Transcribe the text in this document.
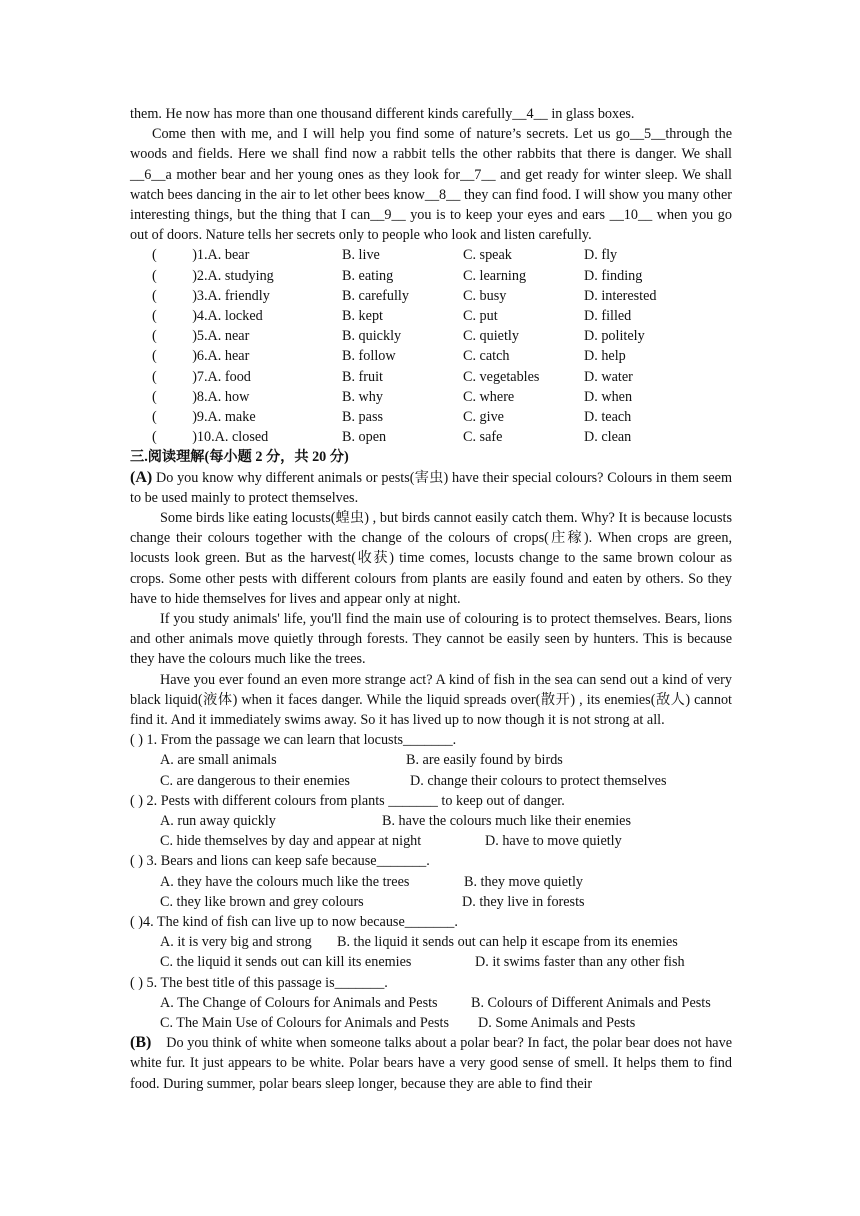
them. He now has more than one thousand different kinds carefully__4__ in glass boxes.

Come then with me, and I will help you find some of nature’s secrets. Let us go__5__through the woods and fields. Here we shall find now a rabbit tells the other rabbits that there is danger. We shall __6__a mother bear and her young ones as they look for__7__ and get ready for winter sleep. We shall watch bees dancing in the air to let other bees know__8__ they can find food. I will show you many other interesting things, but the thing that I can__9__ you is to keep your eyes and ears __10__ when you go out of doors. Nature tells her secrets only to people who look and listen carefully.

(          )1.A. bear	B. live	C. speak	D. fly
(          )2.A. studying	B. eating	C. learning	D. finding
(          )3.A. friendly	B. carefully	C. busy	D. interested
(          )4.A. locked	B. kept	C. put	D. filled
(          )5.A. near	B. quickly	C. quietly	D. politely
(          )6.A. hear	B. follow	C. catch	D. help
(          )7.A. food	B. fruit	C. vegetables	D. water
(          )8.A. how	B. why	C. where	D. when
(          )9.A. make	B. pass	C. give	D. teach
(          )10.A. closed	B. open	C. safe	D. clean

三.阅读理解(每小题 2 分，共 20 分)

(A) Do you know why different animals or pests(害虫) have their special colours? Colours in them seem to be used mainly to protect themselves.

Some birds like eating locusts(蝗虫) , but birds cannot easily catch them. Why? It is because locusts change their colours together with the change of the colours of crops(庄稼). When crops are green, locusts look green. But as the harvest(收获) time comes, locusts change to the same brown colour as crops. Some other pests with different colours from plants are easily found and eaten by others. So they have to hide themselves for lives and appear only at night.

If you study animals' life, you'll find the main use of colouring is to protect themselves. Bears, lions and other animals move quietly through forests. They cannot be easily seen by hunters. This is because they have the colours much like the trees.

Have you ever found an even more strange act? A kind of fish in the sea can send out a kind of very black liquid(液体) when it faces danger. While the liquid spreads over(散开) , its enemies(敌人) cannot find it. And it immediately swims away. So it has lived up to now though it is not strong at all.

( ) 1. From the passage we can learn that locusts_______.

A. are small animals	B. are easily found by birds
C. are dangerous to their enemies	D. change their colours to protect themselves

( ) 2. Pests with different colours from plants _______ to keep out of danger.

A. run away quickly	B. have the colours much like their enemies
C. hide themselves by day and appear at night	D. have to move quietly

( ) 3. Bears and lions can keep safe because_______.

A. they have the colours much like the trees	B. they move quietly
C. they like brown and grey colours	D. they live in forests

( )4. The kind of fish can live up to now because_______.

A. it is very big and strong	B. the liquid it sends out can help it escape from its enemies
C. the liquid it sends out can kill its enemies	D. it swims faster than any other fish

( ) 5. The best title of this passage is_______.

A. The Change of Colours for Animals and Pests	B. Colours of Different Animals and Pests
C. The Main Use of Colours for Animals and Pests	D. Some Animals and Pests

(B)    Do you think of white when someone talks about a polar bear? In fact, the polar bear does not have white fur. It just appears to be white. Polar bears have a very good sense of smell. It helps them to find food. During summer, polar bears sleep longer, because they are able to find their
